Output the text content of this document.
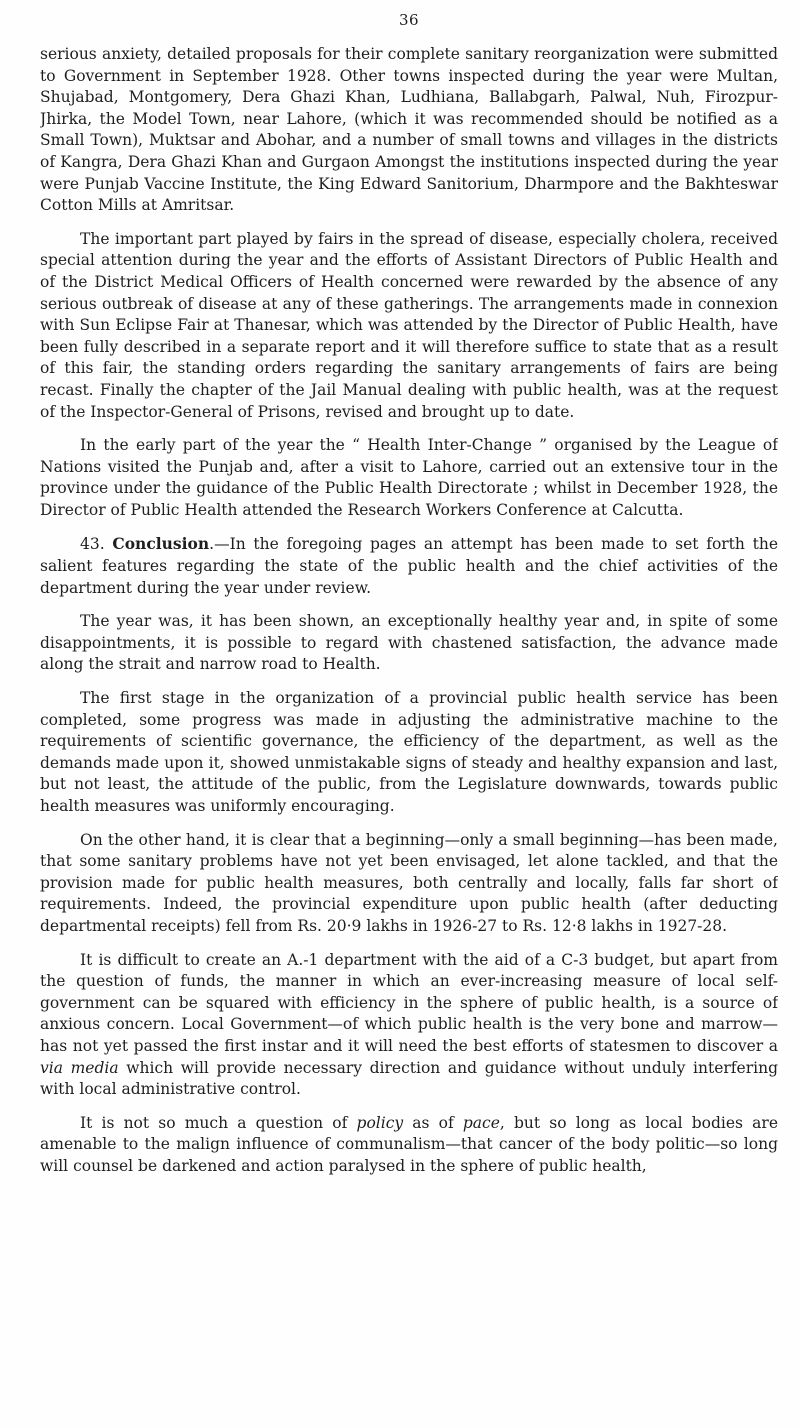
36

serious anxiety, detailed proposals for their complete sanitary reorganization were submitted to Government in September 1928. Other towns inspected during the year were Multan, Shujabad, Montgomery, Dera Ghazi Khan, Ludhiana, Ballabgarh, Palwal, Nuh, Firozpur-Jhirka, the Model Town, near Lahore, (which it was recommended should be notified as a Small Town), Muktsar and Abohar, and a number of small towns and villages in the districts of Kangra, Dera Ghazi Khan and Gurgaon Amongst the institutions inspected during the year were Punjab Vaccine Institute, the King Edward Sanitorium, Dharmpore and the Bakhteswar Cotton Mills at Amritsar.

The important part played by fairs in the spread of disease, especially cholera, received special attention during the year and the efforts of Assistant Directors of Public Health and of the District Medical Officers of Health concerned were rewarded by the absence of any serious outbreak of disease at any of these gatherings. The arrangements made in connexion with Sun Eclipse Fair at Thanesar, which was attended by the Director of Public Health, have been fully described in a separate report and it will therefore suffice to state that as a result of this fair, the standing orders regarding the sanitary arrangements of fairs are being recast. Finally the chapter of the Jail Manual dealing with public health, was at the request of the Inspector-General of Prisons, revised and brought up to date.

In the early part of the year the “ Health Inter-Change ” organised by the League of Nations visited the Punjab and, after a visit to Lahore, carried out an extensive tour in the province under the guidance of the Public Health Directorate ; whilst in December 1928, the Director of Public Health attended the Research Workers Conference at Calcutta.

43. Conclusion.—In the foregoing pages an attempt has been made to set forth the salient features regarding the state of the public health and the chief activities of the department during the year under review.

The year was, it has been shown, an exceptionally healthy year and, in spite of some disappointments, it is possible to regard with chastened satisfaction, the advance made along the strait and narrow road to Health.

The first stage in the organization of a provincial public health service has been completed, some progress was made in adjusting the administrative machine to the requirements of scientific governance, the efficiency of the department, as well as the demands made upon it, showed unmistakable signs of steady and healthy expansion and last, but not least, the attitude of the public, from the Legislature downwards, towards public health measures was uniformly encouraging.

On the other hand, it is clear that a beginning—only a small beginning—has been made, that some sanitary problems have not yet been envisaged, let alone tackled, and that the provision made for public health measures, both centrally and locally, falls far short of requirements. Indeed, the provincial expenditure upon public health (after deducting departmental receipts) fell from Rs. 20·9 lakhs in 1926-27 to Rs. 12·8 lakhs in 1927-28.

It is difficult to create an A.-1 department with the aid of a C-3 budget, but apart from the question of funds, the manner in which an ever-increasing measure of local self-government can be squared with efficiency in the sphere of public health, is a source of anxious concern. Local Government—of which public health is the very bone and marrow—has not yet passed the first instar and it will need the best efforts of statesmen to discover a via media which will provide necessary direction and guidance without unduly interfering with local administrative control.

It is not so much a question of policy as of pace, but so long as local bodies are amenable to the malign influence of communalism—that cancer of the body politic—so long will counsel be darkened and action paralysed in the sphere of public health,
